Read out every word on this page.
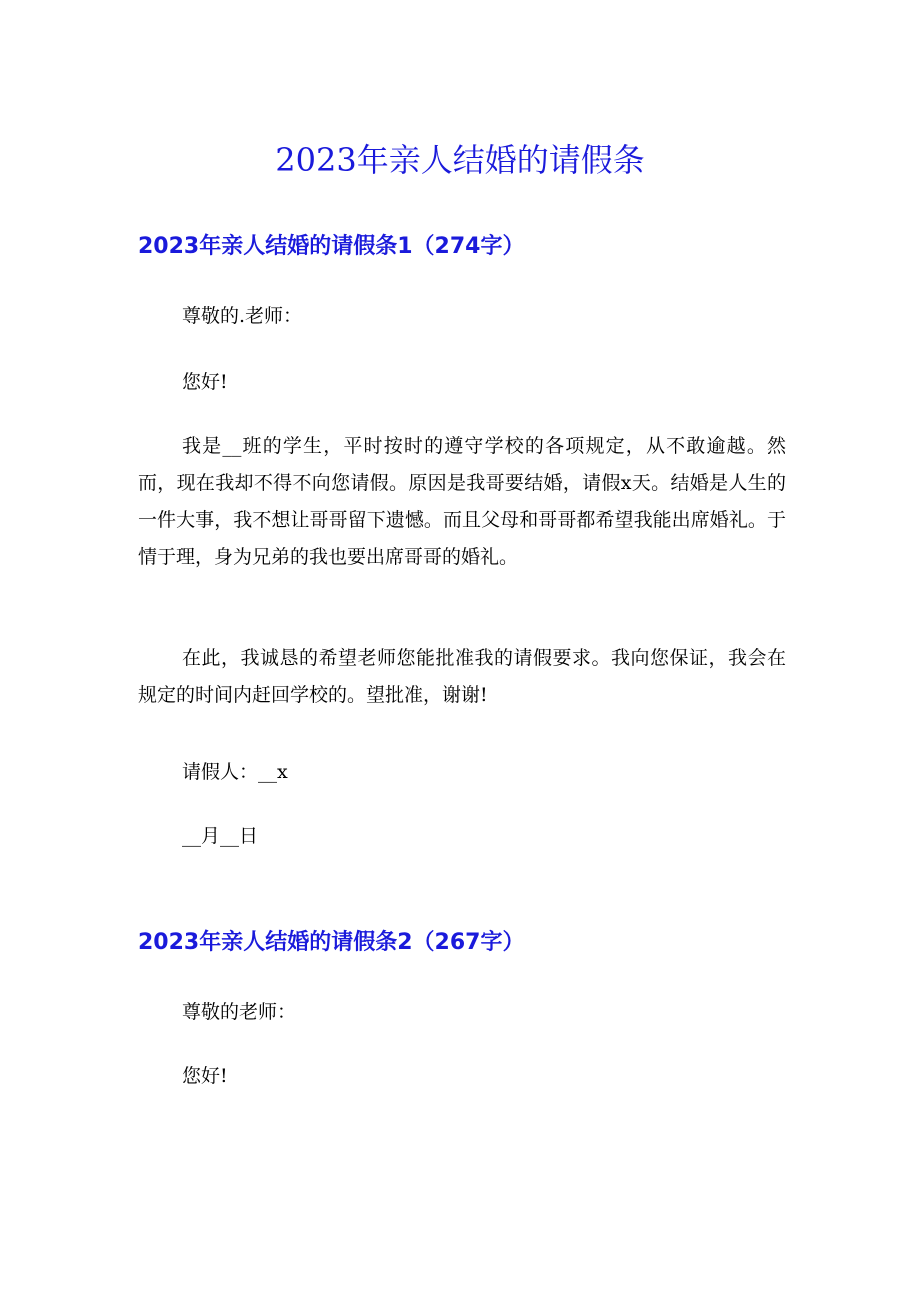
2023年亲人结婚的请假条
2023年亲人结婚的请假条1（274字）

尊敬的.老师：

您好!

我是__班的学生，平时按时的遵守学校的各项规定，从不敢逾越。然而，现在我却不得不向您请假。原因是我哥要结婚，请假x天。结婚是人生的一件大事，我不想让哥哥留下遗憾。而且父母和哥哥都希望我能出席婚礼。于情于理，身为兄弟的我也要出席哥哥的婚礼。

在此，我诚恳的希望老师您能批准我的请假要求。我向您保证，我会在规定的时间内赶回学校的。望批准，谢谢!

请假人：__x

__月__日

2023年亲人结婚的请假条2（267字）

尊敬的老师：

您好!
